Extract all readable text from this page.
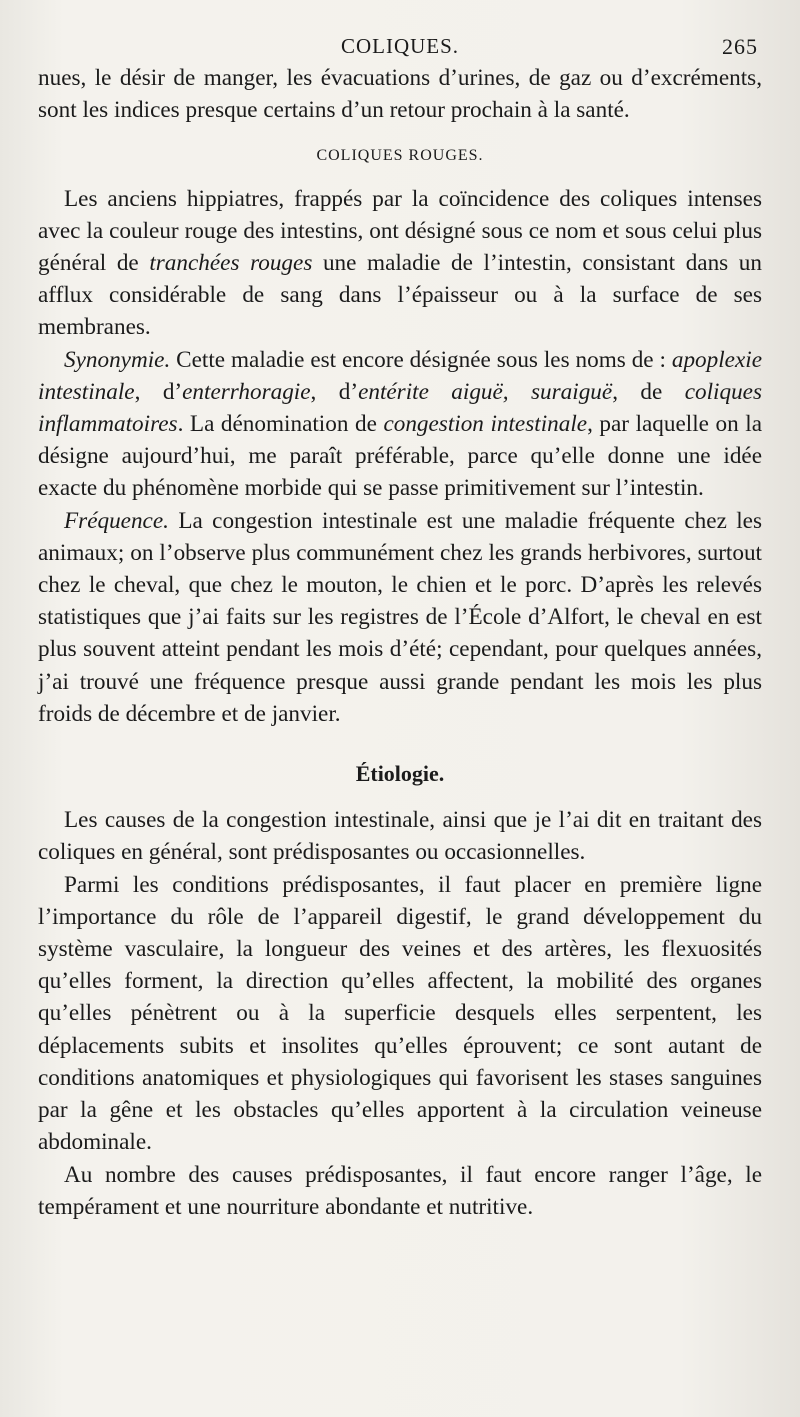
COLIQUES.	265

nues, le désir de manger, les évacuations d’urines, de gaz ou d’excréments, sont les indices presque certains d’un retour prochain à la santé.

COLIQUES ROUGES.

Les anciens hippiatres, frappés par la coïncidence des coliques intenses avec la couleur rouge des intestins, ont désigné sous ce nom et sous celui plus général de tranchées rouges une maladie de l’intestin, consistant dans un afflux considérable de sang dans l’épaisseur ou à la surface de ses membranes.

Synonymie. Cette maladie est encore désignée sous les noms de : apoplexie intestinale, d’enterrhoragie, d’entérite aiguë, suraiguë, de coliques inflammatoires. La dénomination de congestion intestinale, par laquelle on la désigne aujourd’hui, me paraît préférable, parce qu’elle donne une idée exacte du phénomène morbide qui se passe primitivement sur l’intestin.

Fréquence. La congestion intestinale est une maladie fréquente chez les animaux; on l’observe plus communément chez les grands herbivores, surtout chez le cheval, que chez le mouton, le chien et le porc. D’après les relevés statistiques que j’ai faits sur les registres de l’École d’Alfort, le cheval en est plus souvent atteint pendant les mois d’été; cependant, pour quelques années, j’ai trouvé une fréquence presque aussi grande pendant les mois les plus froids de décembre et de janvier.

Étiologie.

Les causes de la congestion intestinale, ainsi que je l’ai dit en traitant des coliques en général, sont prédisposantes ou occasionnelles.

Parmi les conditions prédisposantes, il faut placer en première ligne l’importance du rôle de l’appareil digestif, le grand développement du système vasculaire, la longueur des veines et des artères, les flexuosités qu’elles forment, la direction qu’elles affectent, la mobilité des organes qu’elles pénètrent ou à la superficie desquels elles serpentent, les déplacements subits et insolites qu’elles éprouvent; ce sont autant de conditions anatomiques et physiologiques qui favorisent les stases sanguines par la gêne et les obstacles qu’elles apportent à la circulation veineuse abdominale.

Au nombre des causes prédisposantes, il faut encore ranger l’âge, le tempérament et une nourriture abondante et nutritive.
